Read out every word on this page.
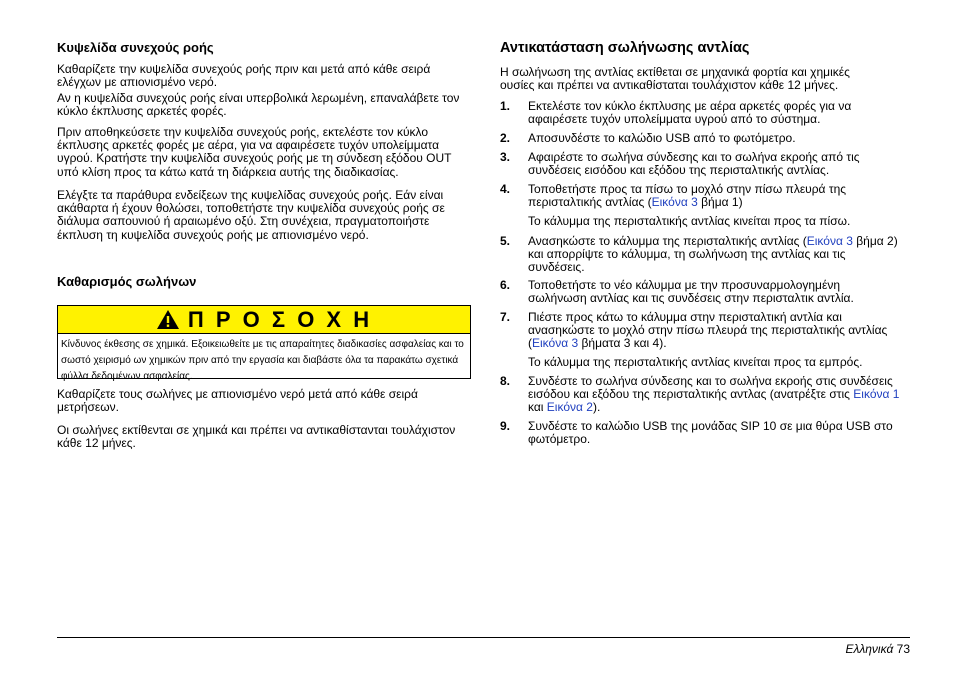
Κυψελίδα συνεχούς ροής

Καθαρίζετε την κυψελίδα συνεχούς ροής πριν και μετά από κάθε σειρά ελέγχων με απιονισμένο νερό.

Αν η κυψελίδα συνεχούς ροής είναι υπερβολικά λερωμένη, επαναλάβετε τον κύκλο έκπλυσης αρκετές φορές.

Πριν αποθηκεύσετε την κυψελίδα συνεχούς ροής, εκτελέστε τον κύκλο έκπλυσης αρκετές φορές με αέρα, για να αφαιρέσετε τυχόν υπολείμματα υγρού. Κρατήστε την κυψελίδα συνεχούς ροής με τη σύνδεση εξόδου OUT υπό κλίση προς τα κάτω κατά τη διάρκεια αυτής της διαδικασίας.

Ελέγξτε τα παράθυρα ενδείξεων της κυψελίδας συνεχούς ροής. Εάν είναι ακάθαρτα ή έχουν θολώσει, τοποθετήστε την κυψελίδα συνεχούς ροής σε διάλυμα σαπουνιού ή αραιωμένο οξύ. Στη συνέχεια, πραγματοποιήστε έκπλυση τη κυψελίδα συνεχούς ροής με απιονισμένο νερό.

Καθαρισμός σωλήνων
Π Ρ Ο Σ Ο Χ Η
Κίνδυνος έκθεσης σε χημικά. Εξοικειωθείτε με τις απαραίτητες διαδικασίες ασφαλείας και το σωστό χειρισμό ων χημικών πριν από την εργασία και διαβάστε όλα τα παρακάτω σχετικά φύλλα δεδομένων ασφαλείας.

Καθαρίζετε τους σωλήνες με απιονισμένο νερό μετά από κάθε σειρά μετρήσεων.

Οι σωλήνες εκτίθενται σε χημικά και πρέπει να αντικαθίστανται τουλάχιστον κάθε 12 μήνες.

Αντικατάσταση σωλήνωσης αντλίας

Η σωλήνωση της αντλίας εκτίθεται σε μηχανικά φορτία και χημικές ουσίες και πρέπει να αντικαθίσταται τουλάχιστον κάθε 12 μήνες.

1. Εκτελέστε τον κύκλο έκπλυσης με αέρα αρκετές φορές για να αφαιρέσετε τυχόν υπολείμματα υγρού από το σύστημα.
2. Αποσυνδέστε το καλώδιο USB από το φωτόμετρο.
3. Αφαιρέστε το σωλήνα σύνδεσης και το σωλήνα εκροής από τις συνδέσεις εισόδου και εξόδου της περισταλτικής αντλίας.
4. Τοποθετήστε προς τα πίσω το μοχλό στην πίσω πλευρά της περισταλτικής αντλίας (Εικόνα 3 βήμα 1)

Το κάλυμμα της περισταλτικής αντλίας κινείται προς τα πίσω.

5. Ανασηκώστε το κάλυμμα της περισταλτικής αντλίας (Εικόνα 3 βήμα 2) και απορρίψτε το κάλυμμα, τη σωλήνωση της αντλίας και τις συνδέσεις.
6. Τοποθετήστε το νέο κάλυμμα με την προσυναρμολογημένη σωλήνωση αντλίας και τις συνδέσεις στην περισταλτικ αντλία.
7. Πιέστε προς κάτω το κάλυμμα στην περισταλτική αντλία και ανασηκώστε το μοχλό στην πίσω πλευρά της περισταλτικής αντλίας (Εικόνα 3 βήματα 3 και 4).

Το κάλυμμα της περισταλτικής αντλίας κινείται προς τα εμπρός.

8. Συνδέστε το σωλήνα σύνδεσης και το σωλήνα εκροής στις συνδέσεις εισόδου και εξόδου της περισταλτικής αντλας (ανατρέξτε στις Εικόνα 1 και Εικόνα 2).
9. Συνδέστε το καλώδιο USB της μονάδας SIP 10 σε μια θύρα USB στο φωτόμετρο.
Ελληνικά 73
